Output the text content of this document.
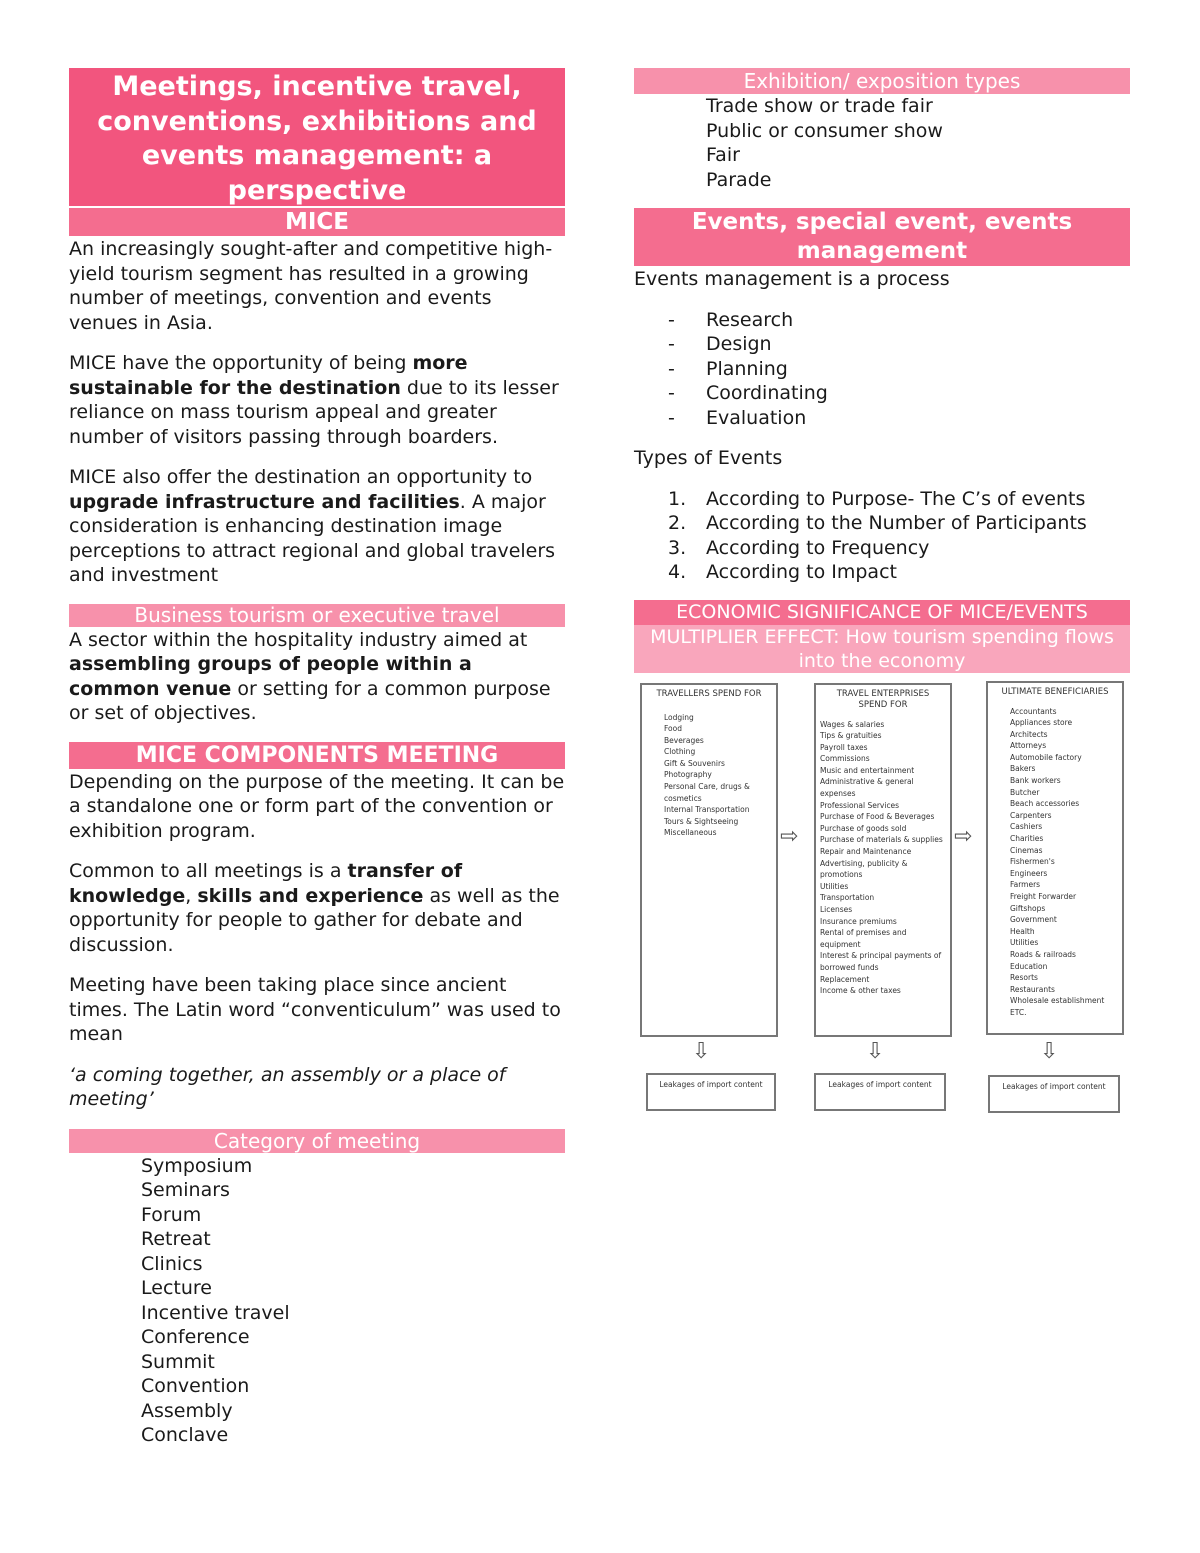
Meetings, incentive travel, conventions, exhibitions and events management: a perspective
MICE

An increasingly sought-after and competitive high-yield tourism segment has resulted in a growing number of meetings, convention and events venues in Asia.

MICE have the opportunity of being more sustainable for the destination due to its lesser reliance on mass tourism appeal and greater number of visitors passing through boarders.

MICE also offer the destination an opportunity to upgrade infrastructure and facilities. A major consideration is enhancing destination image perceptions to attract regional and global travelers and investment

Business tourism or executive travel

A sector within the hospitality industry aimed at assembling groups of people within a common venue or setting for a common purpose or set of objectives.

MICE COMPONENTS MEETING

Depending on the purpose of the meeting. It can be a standalone one or form part of the convention or exhibition program.

Common to all meetings is a transfer of knowledge, skills and experience as well as the opportunity for people to gather for debate and discussion.

Meeting have been taking place since ancient times. The Latin word “conventiculum” was used to mean

‘a coming together, an assembly or a place of meeting’

Category of meeting
Symposium
Seminars
Forum
Retreat
Clinics
Lecture
Incentive travel
Conference
Summit
Convention
Assembly
Conclave
Exhibition/ exposition types
Trade show or trade fair
Public or consumer show
Fair
Parade
Events, special event, events management

Events management is a process

- Research
- Design
- Planning
- Coordinating
- Evaluation

Types of Events

1. According to Purpose- The C’s of events
2. According to the Number of Participants
3. According to Frequency
4. According to Impact
ECONOMIC SIGNIFICANCE OF MICE/EVENTS
MULTIPLIER EFFECT: How tourism spending flows into the economy
TRAVELLERS SPEND FOR
Lodging
Food
Beverages
Clothing
Gift & Souvenirs
Photography
Personal Care, drugs & cosmetics
Internal Transportation
Tours & Sightseeing
Miscellaneous	⇨
TRAVEL ENTERPRISES SPEND FOR
Wages & salaries
Tips & gratuities
Payroll taxes
Commissions
Music and entertainment
Administrative & general expenses
Professional Services
Purchase of Food & Beverages
Purchase of goods sold
Purchase of materials & supplies
Repair and Maintenance
Advertising, publicity & promotions
Utilities
Transportation
Licenses
Insurance premiums
Rental of premises and equipment
Interest & principal payments of borrowed funds
Replacement
Income & other taxes
⇨
ULTIMATE BENEFICIARIES
Accountants
Appliances store
Architects
Attorneys
Automobile factory
Bakers
Bank workers
Butcher
Beach accessories
Carpenters
Cashiers
Charities
Cinemas
Fishermen's
Engineers
Farmers
Freight Forwarder
Giftshops
Government
Health
Utilities
Roads & railroads
Education
Resorts
Restaurants
Wholesale establishment
ETC.
⇩	⇩	⇩
Leakages of import content	Leakages of import content	Leakages of import content
